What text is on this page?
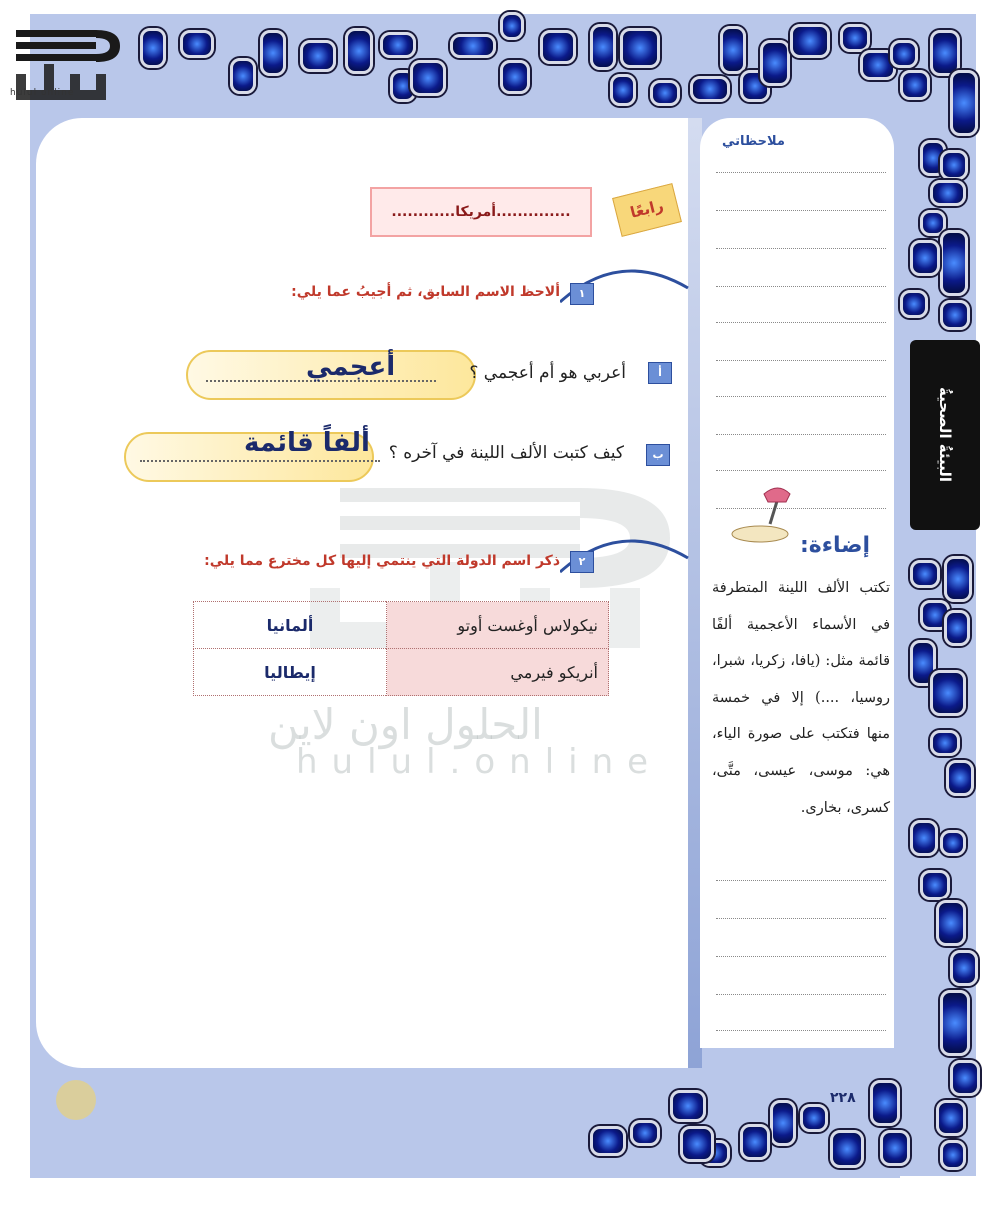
hulul online
الحلول اون لاين
hulul.online
رابعًا
..............أمريكا............
١
ألاحظ الاسم السابق، ثم أجيبُ عما يلي:
أعجمي	أ
أعربي هو أم أعجمي ؟
ألفاً قائمة	ب
كيف كتبت الألف اللينة في آخره ؟
٢
ذكر اسم الدولة التي ينتمي إليها كل مخترع مما يلي:
نيكولاس أوغست أوتو	ألمانيا
أنريكو فيرمي	إيطاليا
ملاحظاتي
إضاءة:
تكتب الألف اللينة المتطرفة في الأسماء الأعجمية ألفًا قائمة مثل: (يافا، زكريا، شبرا، روسيا، ....) إلا في خمسة منها فتكتب على صورة الياء، هي: موسى، عيسى، متَّى، كسرى، بخارى.
البيئةُ الصحيةُ
٢٢٨
